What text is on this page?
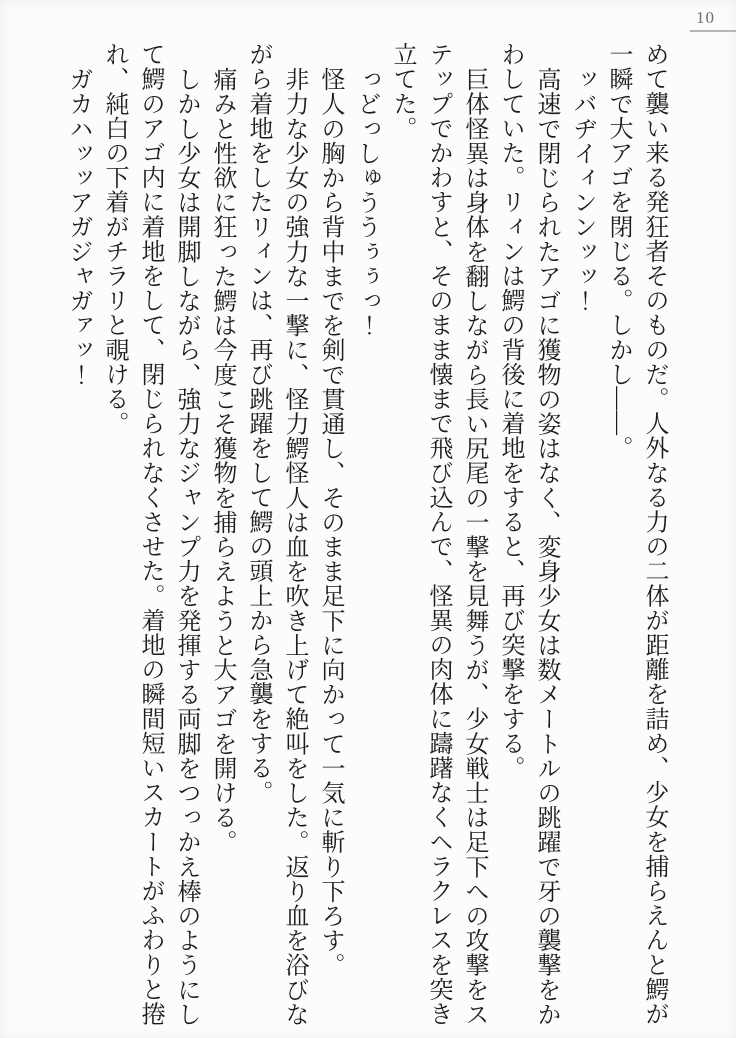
10

めて襲い来る発狂者そのものだ。人外なる力の二体が距離を詰め、少女を捕らえんと鰐が一瞬で大アゴを閉じる。しかし――。

ッバヂイィンンッッ！

高速で閉じられたアゴに獲物の姿はなく、変身少女は数メートルの跳躍で牙の襲撃をかわしていた。リィンは鰐の背後に着地をすると、再び突撃をする。

巨体怪異は身体を翻しながら長い尻尾の一撃を見舞うが、少女戦士は足下への攻撃をステップでかわすと、そのまま懐まで飛び込んで、怪異の肉体に躊躇なくヘラクレスを突き立てた。

っどっしゅううぅぅっ！

怪人の胸から背中までを剣で貫通し、そのまま足下に向かって一気に斬り下ろす。

非力な少女の強力な一撃に、怪力鰐怪人は血を吹き上げて絶叫をした。返り血を浴びながら着地をしたリィンは、再び跳躍をして鰐の頭上から急襲をする。

痛みと性欲に狂った鰐は今度こそ獲物を捕らえようと大アゴを開ける。

しかし少女は開脚しながら、強力なジャンプ力を発揮する両脚をつっかえ棒のようにして鰐のアゴ内に着地をして、閉じられなくさせた。着地の瞬間短いスカートがふわりと捲れ、純白の下着がチラリと覗ける。

ガカハッッアガジャガァッ！
